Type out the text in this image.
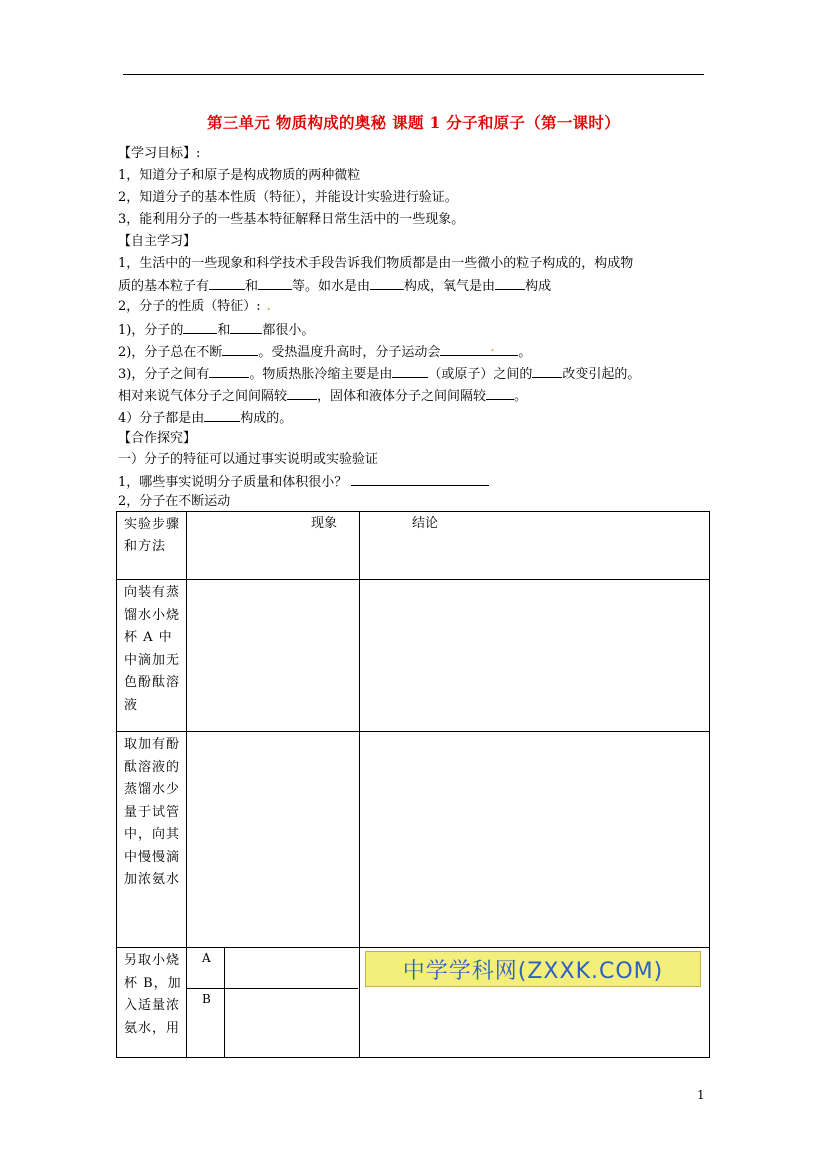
第三单元 物质构成的奥秘 课题 1 分子和原子（第一课时）
【学习目标】:
1，知道分子和原子是构成物质的两种微粒
2，知道分子的基本性质（特征），并能设计实验进行验证。
3，能利用分子的一些基本特征解释日常生活中的一些现象。
【自主学习】
1，生活中的一些现象和科学技术手段告诉我们物质都是由一些微小的粒子构成的，构成物
质的基本粒子有	和	等。如水是由	构成，氧气是由 构成
2，分子的性质（特征）: .
1)，分子的	和 都很小。
2)，分子总在不断	。受热温度升高时，分子运动会	. 。
3)，分子之间有	。物质热胀冷缩主要是由	（或原子）之间的 改变引起的。
相对来说气体分子之间间隔较 ，固体和液体分子之间间隔较 。
4）分子都是由	构成的。
【合作探究】
一）分子的特征可以通过事实说明或实验验证
1，哪些事实说明分子质量和体积很小？
2，分子在不断运动
实验步骤和方法	现象	结论

向装有蒸馏水小烧杯 A 中中滴加无色酚酞溶液		
取加有酚酞溶液的蒸馏水少量于试管中，向其中慢慢滴加浓氨水		
另取小烧杯 B，加入适量浓氨水，用	A
B	

中学学科网(ZXXK.COM)
1
